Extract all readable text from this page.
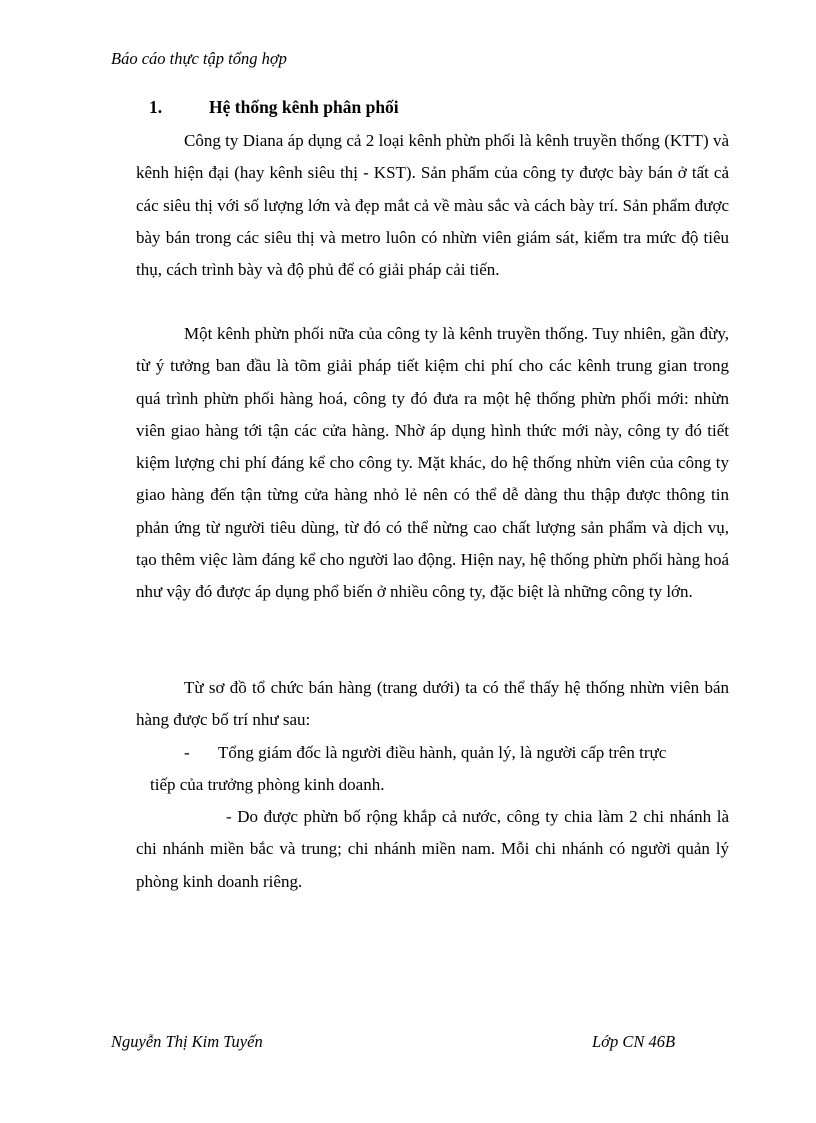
Báo cáo thực tập tổng hợp
1.	Hệ thống kênh phân phối

Công ty Diana áp dụng cả 2 loại kênh phừn phối là kênh truyền thống (KTT) và kênh hiện đại (hay kênh siêu thị - KST). Sản phẩm của công ty được bày bán ở tất cả các siêu thị với số lượng lớn và đẹp mắt cả về màu sắc và cách bày trí. Sản phẩm được bày bán trong các siêu thị và metro luôn có nhừn viên giám sát, kiểm tra mức độ tiêu thụ, cách trình bày và độ phủ để có giải pháp cải tiến.

Một kênh phừn phối nữa của công ty là kênh truyền thống. Tuy nhiên, gần đừy, từ ý tưởng ban đầu là tõm giải pháp tiết kiệm chi phí cho các kênh trung gian trong quá trình phừn phối hàng hoá, công ty đó đưa ra một hệ thống phừn phối mới: nhừn viên giao hàng tới tận các cửa hàng. Nhờ áp dụng hình thức mới này, công ty đó tiết kiệm lượng chi phí đáng kể cho công ty. Mặt khác, do hệ thống nhừn viên của công ty giao hàng đến tận từng cửa hàng nhỏ lẻ nên có thể dễ dàng thu thập được thông tin phản ứng từ người tiêu dùng, từ đó có thể nừng cao chất lượng sản phẩm và dịch vụ, tạo thêm việc làm đáng kể cho người lao động. Hiện nay, hệ thống phừn phối hàng hoá như vậy đó được áp dụng phổ biến ở nhiều công ty, đặc biệt là những công ty lớn.

Từ sơ đồ tổ chức bán hàng (trang dưới) ta có thể thấy hệ thống nhừn viên bán hàng được bố trí như sau:

- Tổng giám đốc là người điều hành, quản lý, là người cấp trên trực
tiếp của trưởng phòng kinh doanh.

- Do được phừn bố rộng khắp cả nước, công ty chia làm 2 chi nhánh là chi nhánh miền bắc và trung; chi nhánh miền nam. Mỗi chi nhánh có người quản lý phòng kinh doanh riêng.

Nguyễn Thị Kim Tuyến	Lớp CN 46B
